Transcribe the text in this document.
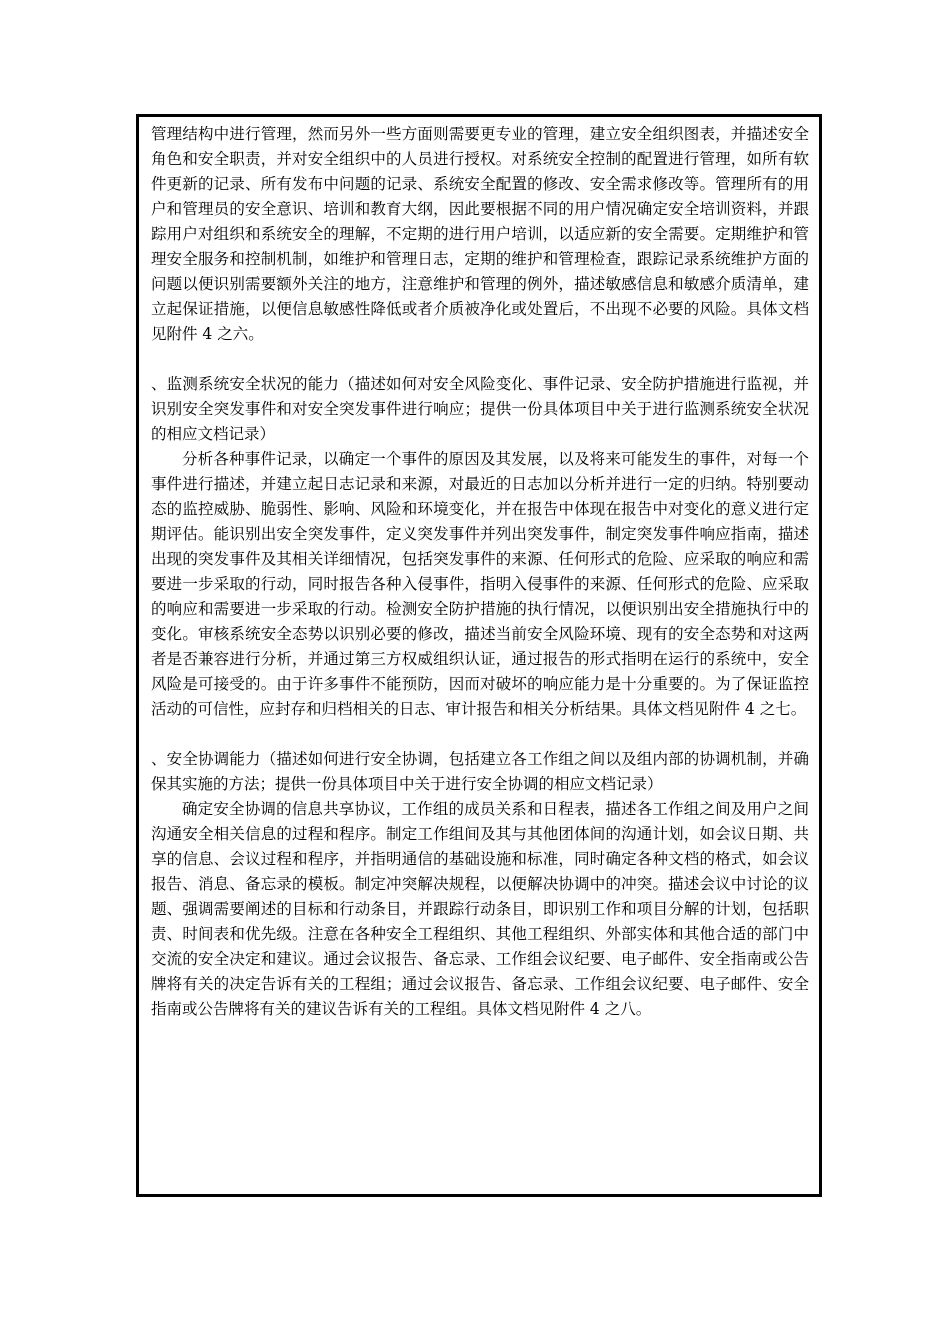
管理结构中进行管理，然而另外一些方面则需要更专业的管理，建立安全组织图表，并描述安全角色和安全职责，并对安全组织中的人员进行授权。对系统安全控制的配置进行管理，如所有软件更新的记录、所有发布中问题的记录、系统安全配置的修改、安全需求修改等。管理所有的用户和管理员的安全意识、培训和教育大纲，因此要根据不同的用户情况确定安全培训资料，并跟踪用户对组织和系统安全的理解，不定期的进行用户培训，以适应新的安全需要。定期维护和管理安全服务和控制机制，如维护和管理日志，定期的维护和管理检查，跟踪记录系统维护方面的问题以便识别需要额外关注的地方，注意维护和管理的例外，描述敏感信息和敏感介质清单，建立起保证措施，以便信息敏感性降低或者介质被净化或处置后，不出现不必要的风险。具体文档见附件 4 之六。

、监测系统安全状况的能力（描述如何对安全风险变化、事件记录、安全防护措施进行监视，并识别安全突发事件和对安全突发事件进行响应；提供一份具体项目中关于进行监测系统安全状况的相应文档记录）

分析各种事件记录，以确定一个事件的原因及其发展，以及将来可能发生的事件，对每一个事件进行描述，并建立起日志记录和来源，对最近的日志加以分析并进行一定的归纳。特别要动态的监控威胁、脆弱性、影响、风险和环境变化，并在报告中体现在报告中对变化的意义进行定期评估。能识别出安全突发事件，定义突发事件并列出突发事件，制定突发事件响应指南，描述出现的突发事件及其相关详细情况，包括突发事件的来源、任何形式的危险、应采取的响应和需要进一步采取的行动，同时报告各种入侵事件，指明入侵事件的来源、任何形式的危险、应采取的响应和需要进一步采取的行动。检测安全防护措施的执行情况，以便识别出安全措施执行中的变化。审核系统安全态势以识别必要的修改，描述当前安全风险环境、现有的安全态势和对这两者是否兼容进行分析，并通过第三方权威组织认证，通过报告的形式指明在运行的系统中，安全风险是可接受的。由于许多事件不能预防，因而对破坏的响应能力是十分重要的。为了保证监控活动的可信性，应封存和归档相关的日志、审计报告和相关分析结果。具体文档见附件 4 之七。

、安全协调能力（描述如何进行安全协调，包括建立各工作组之间以及组内部的协调机制，并确保其实施的方法；提供一份具体项目中关于进行安全协调的相应文档记录）

确定安全协调的信息共享协议，工作组的成员关系和日程表，描述各工作组之间及用户之间沟通安全相关信息的过程和程序。制定工作组间及其与其他团体间的沟通计划，如会议日期、共享的信息、会议过程和程序，并指明通信的基础设施和标准，同时确定各种文档的格式，如会议报告、消息、备忘录的模板。制定冲突解决规程，以便解决协调中的冲突。描述会议中讨论的议题、强调需要阐述的目标和行动条目，并跟踪行动条目，即识别工作和项目分解的计划，包括职责、时间表和优先级。注意在各种安全工程组织、其他工程组织、外部实体和其他合适的部门中交流的安全决定和建议。通过会议报告、备忘录、工作组会议纪要、电子邮件、安全指南或公告牌将有关的决定告诉有关的工程组；通过会议报告、备忘录、工作组会议纪要、电子邮件、安全指南或公告牌将有关的建议告诉有关的工程组。具体文档见附件 4 之八。
